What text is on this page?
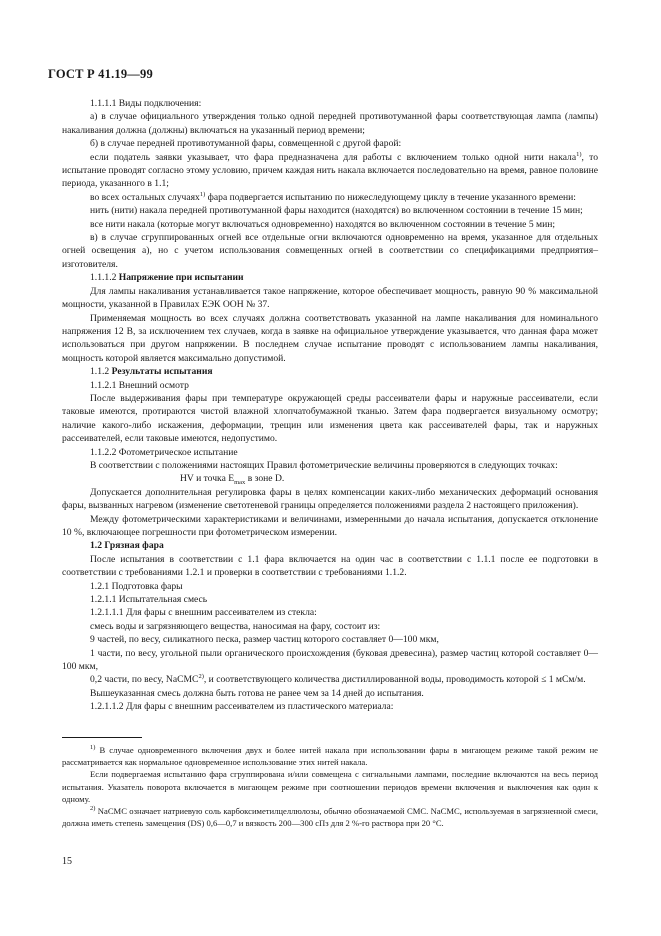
ГОСТ Р 41.19—99

1.1.1.1 Виды подключения:

а) в случае официального утверждения только одной передней противотуманной фары соответствующая лампа (лампы) накаливания должна (должны) включаться на указанный период времени;

б) в случае передней противотуманной фары, совмещенной с другой фарой:

если податель заявки указывает, что фара предназначена для работы с включением только одной нити накала$^{1)}$, то испытание проводят согласно этому условию, причем каждая нить накала включается последовательно на время, равное половине периода, указанного в 1.1;

во всех остальных случаях$^{1)}$ фара подвергается испытанию по нижеследующему циклу в течение указанного времени:

нить (нити) накала передней противотуманной фары находится (находятся) во включенном состоянии в течение 15 мин;

все нити накала (которые могут включаться одновременно) находятся во включенном состоянии в течение 5 мин;

в) в случае сгруппированных огней все отдельные огни включаются одновременно на время, указанное для отдельных огней освещения а), но с учетом использования совмещенных огней в соответствии со спецификациями предприятия–изготовителя.

1.1.1.2 Напряжение при испытании

Для лампы накаливания устанавливается такое напряжение, которое обеспечивает мощность, равную 90 % максимальной мощности, указанной в Правилах ЕЭК ООН № 37.

Применяемая мощность во всех случаях должна соответствовать указанной на лампе накаливания для номинального напряжения 12 В, за исключением тех случаев, когда в заявке на официальное утверждение указывается, что данная фара может использоваться при другом напряжении. В последнем случае испытание проводят с использованием лампы накаливания, мощность которой является максимально допустимой.

1.1.2 Результаты испытания

1.1.2.1 Внешний осмотр

После выдерживания фары при температуре окружающей среды рассеиватели фары и наружные рассеиватели, если таковые имеются, протираются чистой влажной хлопчатобумажной тканью. Затем фара подвергается визуальному осмотру; наличие какого-либо искажения, деформации, трещин или изменения цвета как рассеивателей фары, так и наружных рассеивателей, если таковые имеются, недопустимо.

1.1.2.2 Фотометрическое испытание

В соответствии с положениями настоящих Правил фотометрические величины проверяются в следующих точках:

HV и точка $E_{max}$ в зоне D.

Допускается дополнительная регулировка фары в целях компенсации каких-либо механических деформаций основания фары, вызванных нагревом (изменение светотеневой границы определяется положениями раздела 2 настоящего приложения).

Между фотометрическими характеристиками и величинами, измеренными до начала испытания, допускается отклонение 10 %, включающее погрешности при фотометрическом измерении.

1.2 Грязная фара

После испытания в соответствии с 1.1 фара включается на один час в соответствии с 1.1.1 после ее подготовки в соответствии с требованиями 1.2.1 и проверки в соответствии с требованиями 1.1.2.

1.2.1 Подготовка фары

1.2.1.1 Испытательная смесь

1.2.1.1.1 Для фары с внешним рассеивателем из стекла:

смесь воды и загрязняющего вещества, наносимая на фару, состоит из:

9 частей, по весу, силикатного песка, размер частиц которого составляет 0—100 мкм,

1 части, по весу, угольной пыли органического происхождения (буковая древесина), размер частиц которой составляет 0—100 мкм,

0,2 части, по весу, NaCMC$^{2)}$, и соответствующего количества дистиллированной воды, проводимость которой ≤ 1 мСм/м.

Вышеуказанная смесь должна быть готова не ранее чем за 14 дней до испытания.

1.2.1.1.2 Для фары с внешним рассеивателем из пластического материала:

$^{1)}$ В случае одновременного включения двух и более нитей накала при использовании фары в мигающем режиме такой режим не рассматривается как нормальное одновременное использование этих нитей накала.

Если подвергаемая испытанию фара сгруппирована и/или совмещена с сигнальными лампами, последние включаются на весь период испытания. Указатель поворота включается в мигающем режиме при соотношении периодов времени включения и выключения как один к одному.

$^{2)}$ NaCMC означает натриевую соль карбоксиметилцеллюлозы, обычно обозначаемой CMC. NaCMC, используемая в загрязненной смеси, должна иметь степень замещения (DS) 0,6—0,7 и вязкость 200—300 сПз для 2 %-го раствора при 20 °С.

15
